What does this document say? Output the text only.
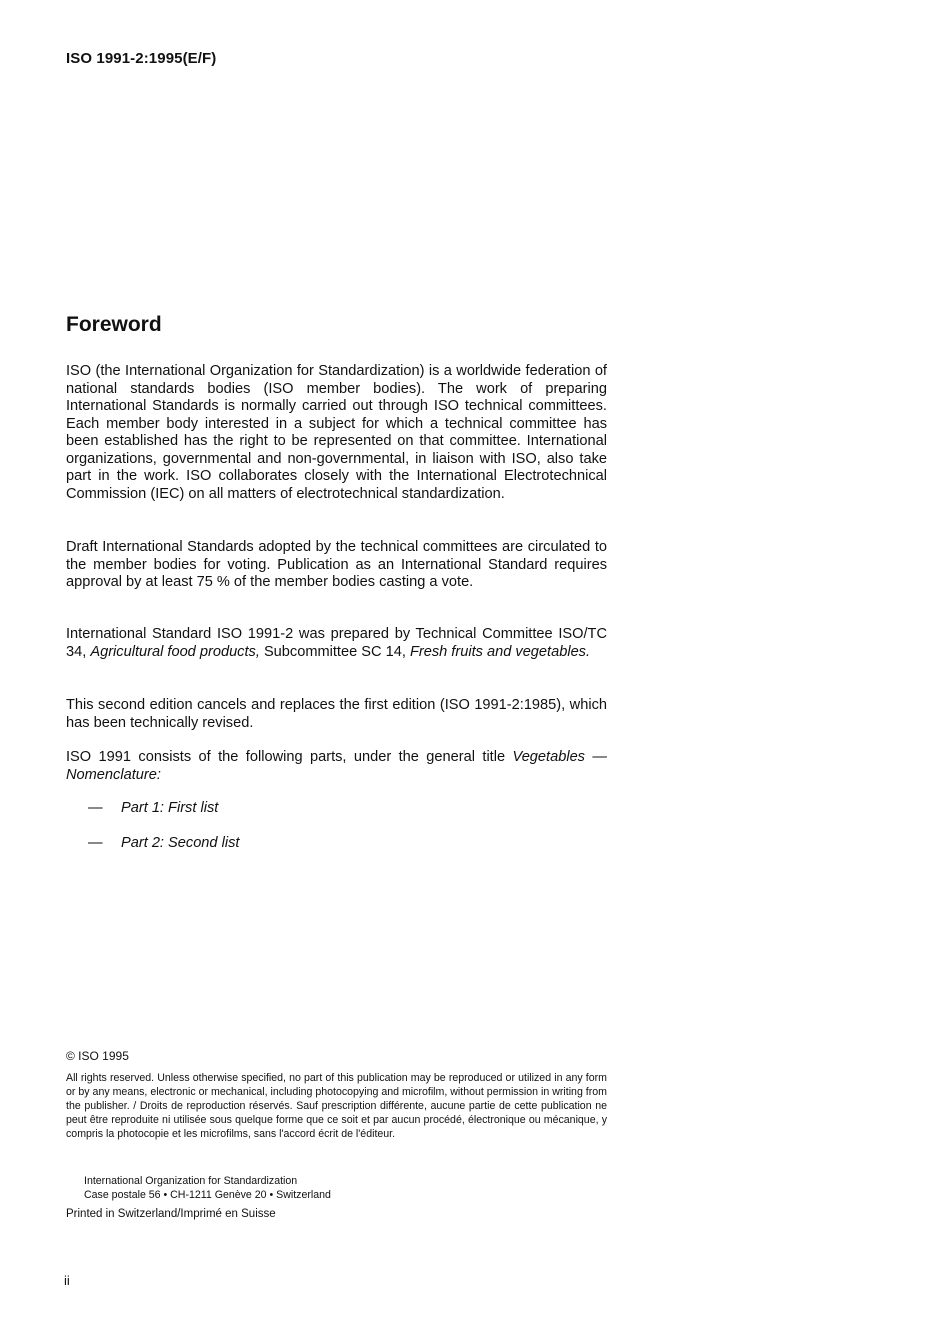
ISO 1991-2:1995(E/F)
Foreword

ISO (the International Organization for Standardization) is a worldwide federation of national standards bodies (ISO member bodies). The work of preparing International Standards is normally carried out through ISO technical committees. Each member body interested in a subject for which a technical committee has been established has the right to be represented on that committee. International organizations, governmental and non-governmental, in liaison with ISO, also take part in the work. ISO collaborates closely with the International Electrotechnical Commission (IEC) on all matters of electrotechnical standardization.

Draft International Standards adopted by the technical committees are circulated to the member bodies for voting. Publication as an International Standard requires approval by at least 75 % of the member bodies casting a vote.

International Standard ISO 1991-2 was prepared by Technical Committee ISO/TC 34, Agricultural food products, Subcommittee SC 14, Fresh fruits and vegetables.

This second edition cancels and replaces the first edition (ISO 1991-2:1985), which has been technically revised.

ISO 1991 consists of the following parts, under the general title Vegetables — Nomenclature:

— Part 1: First list
— Part 2: Second list
© ISO 1995

All rights reserved. Unless otherwise specified, no part of this publication may be reproduced or utilized in any form or by any means, electronic or mechanical, including photocopying and microfilm, without permission in writing from the publisher. / Droits de reproduction réservés. Sauf prescription différente, aucune partie de cette publication ne peut être reproduite ni utilisée sous quelque forme que ce soit et par aucun procédé, électronique ou mécanique, y compris la photocopie et les microfilms, sans l'accord écrit de l'éditeur.

International Organization for Standardization
Case postale 56 • CH-1211 Genève 20 • Switzerland
Printed in Switzerland/Imprimé en Suisse
ii
